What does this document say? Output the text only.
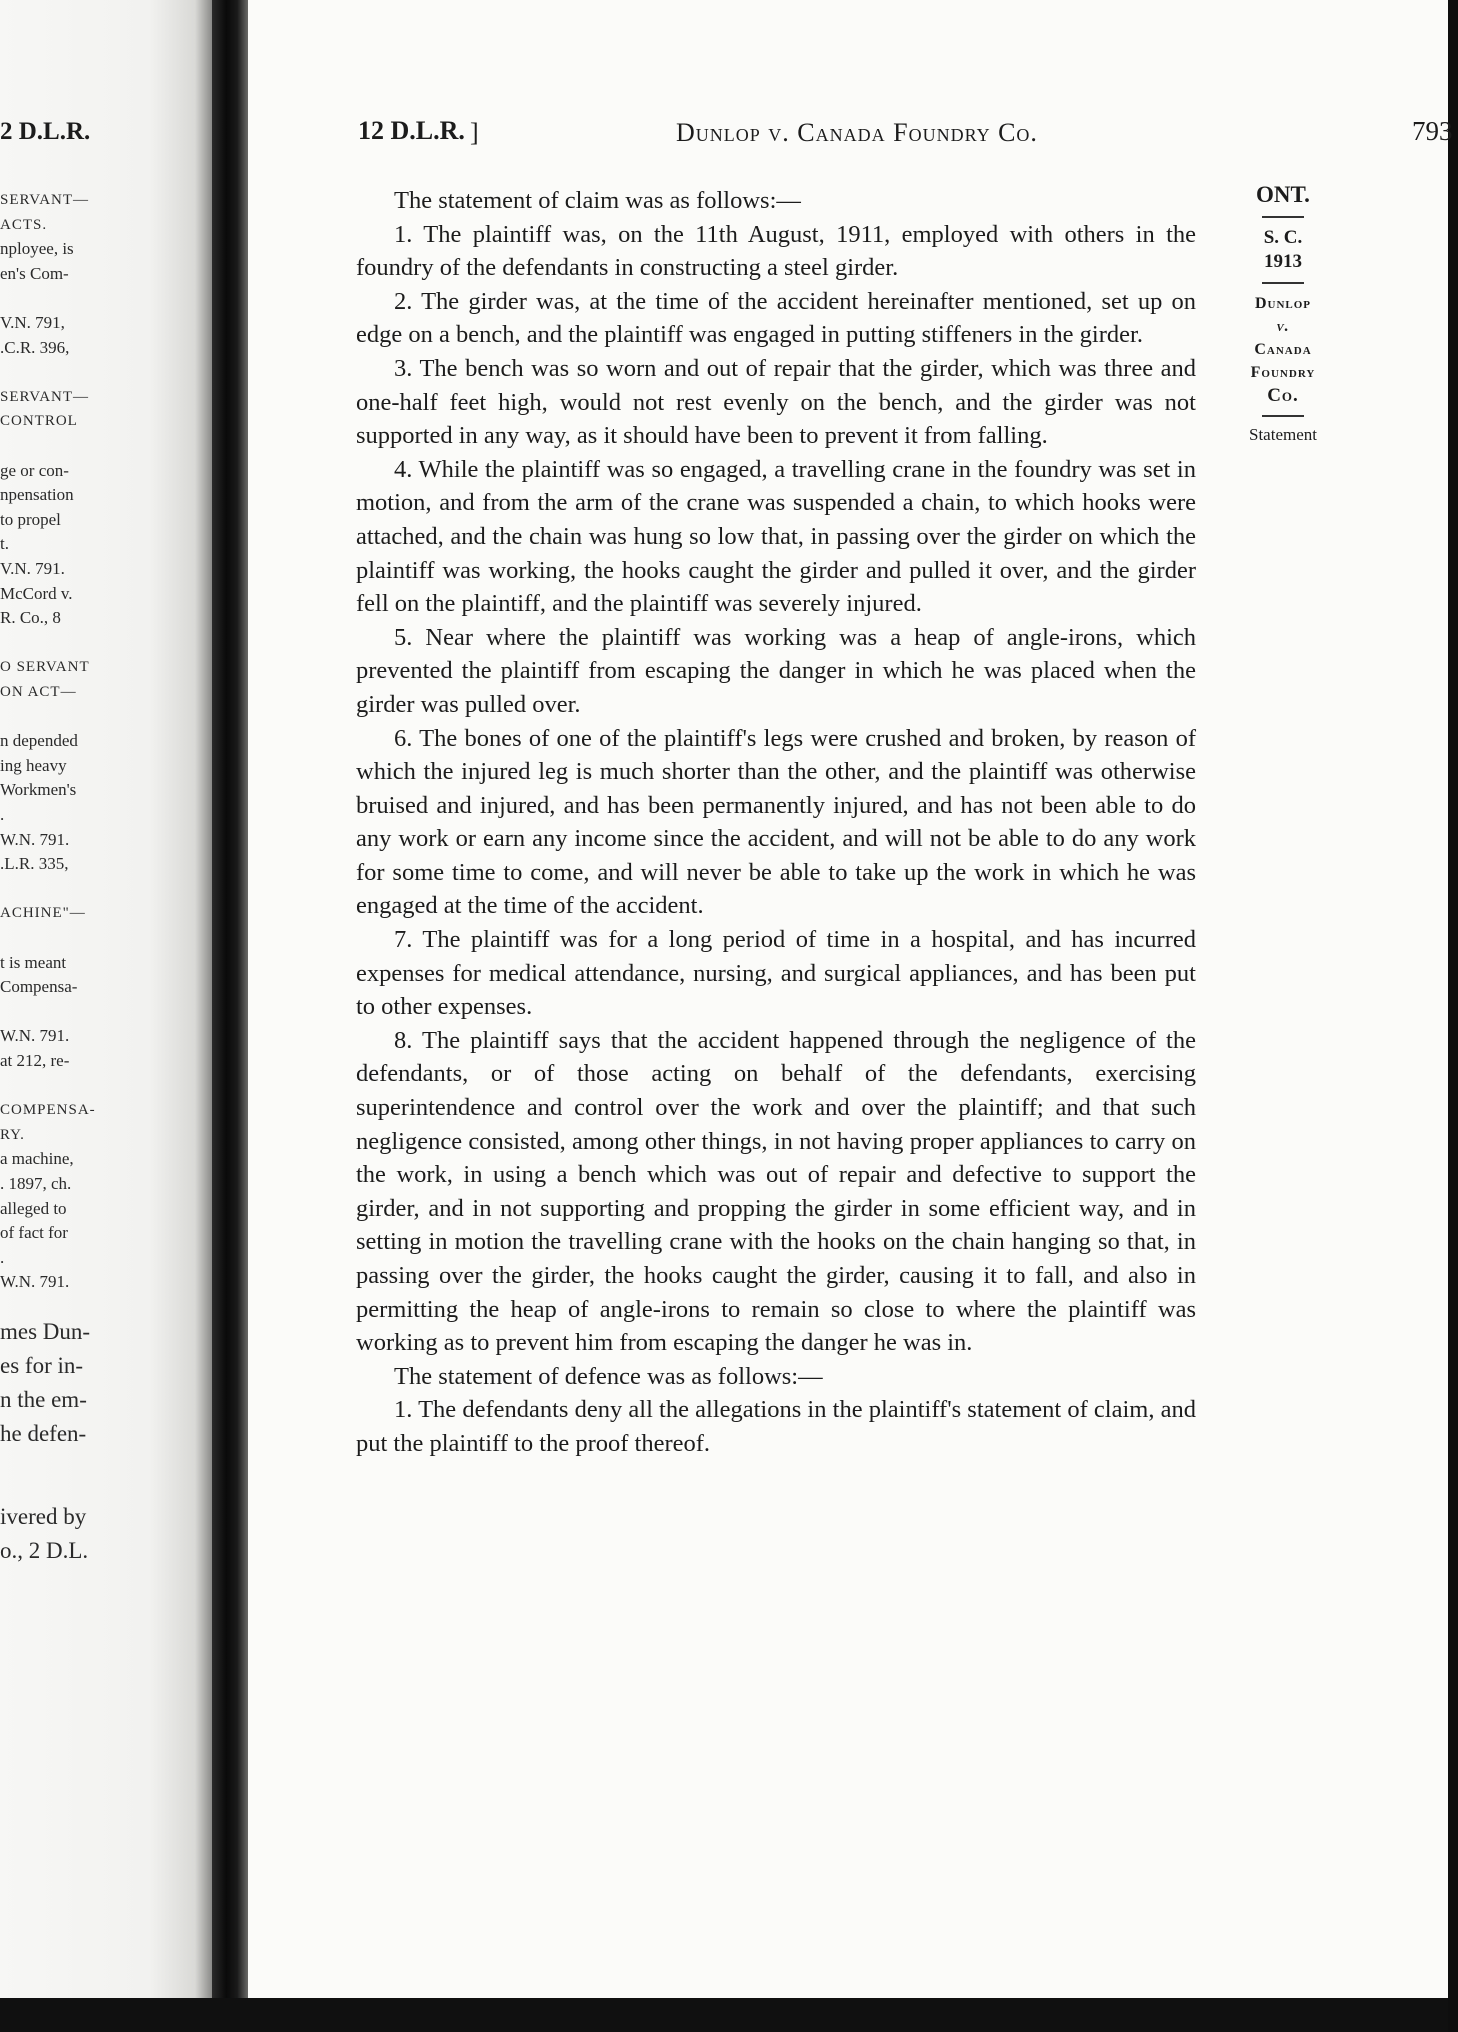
2 D.L.R.
SERVANT—
ACTS.
nployee, is
en's Com-
V.N. 791,
.C.R. 396,
SERVANT—
CONTROL
ge or con-
npensation
to propel
t.
V.N. 791.
McCord v.
R. Co., 8
O SERVANT
ON ACT—
n depended
ing heavy
Workmen's
.
W.N. 791.
.L.R. 335,
ACHINE"—
t is meant
Compensa-
W.N. 791.
at 212, re-
COMPENSA-
RY.
a machine,
. 1897, ch.
alleged to
of fact for
.
W.N. 791.
mes Dun-
es for in-
n the em-
he defen-
ivered by
o., 2 D.L.
12 D.L.R. ]	Dunlop v. Canada Foundry Co.	793

The statement of claim was as follows:—

1. The plaintiff was, on the 11th August, 1911, employed with others in the foundry of the defendants in constructing a steel girder.

2. The girder was, at the time of the accident hereinafter mentioned, set up on edge on a bench, and the plaintiff was engaged in putting stiffeners in the girder.

3. The bench was so worn and out of repair that the girder, which was three and one-half feet high, would not rest evenly on the bench, and the girder was not supported in any way, as it should have been to prevent it from falling.

4. While the plaintiff was so engaged, a travelling crane in the foundry was set in motion, and from the arm of the crane was suspended a chain, to which hooks were attached, and the chain was hung so low that, in passing over the girder on which the plaintiff was working, the hooks caught the girder and pulled it over, and the girder fell on the plaintiff, and the plaintiff was severely injured.

5. Near where the plaintiff was working was a heap of angle-irons, which prevented the plaintiff from escaping the danger in which he was placed when the girder was pulled over.

6. The bones of one of the plaintiff's legs were crushed and broken, by reason of which the injured leg is much shorter than the other, and the plaintiff was otherwise bruised and injured, and has been permanently injured, and has not been able to do any work or earn any income since the accident, and will not be able to do any work for some time to come, and will never be able to take up the work in which he was engaged at the time of the accident.

7. The plaintiff was for a long period of time in a hospital, and has incurred expenses for medical attendance, nursing, and surgical appliances, and has been put to other expenses.

8. The plaintiff says that the accident happened through the negligence of the defendants, or of those acting on behalf of the defendants, exercising superintendence and control over the work and over the plaintiff; and that such negligence consisted, among other things, in not having proper appliances to carry on the work, in using a bench which was out of repair and defective to support the girder, and in not supporting and propping the girder in some efficient way, and in setting in motion the travelling crane with the hooks on the chain hanging so that, in passing over the girder, the hooks caught the girder, causing it to fall, and also in permitting the heap of angle-irons to remain so close to where the plaintiff was working as to prevent him from escaping the danger he was in.

The statement of defence was as follows:—

1. The defendants deny all the allegations in the plaintiff's statement of claim, and put the plaintiff to the proof thereof.

ONT.
S. C.
1913
Dunlop
v.
Canada
Foundry
Co.
Statement
